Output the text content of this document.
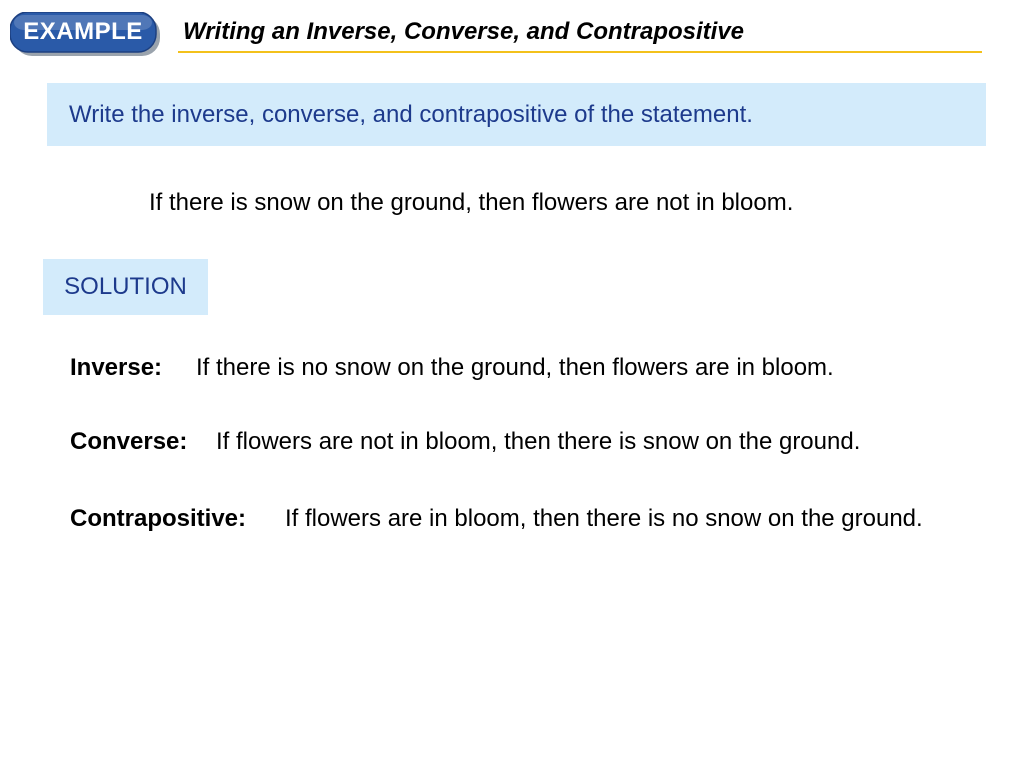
EXAMPLE	Writing an Inverse, Converse, and Contrapositive
Write the inverse, converse, and contrapositive of the statement.
If there is snow on the ground, then flowers are not in bloom.
SOLUTION
Inverse: If there is no snow on the ground, then flowers are in bloom.
Converse: If flowers are not in bloom, then there is snow on the ground.
Contrapositive: If flowers are in bloom, then there is no snow on the ground.
